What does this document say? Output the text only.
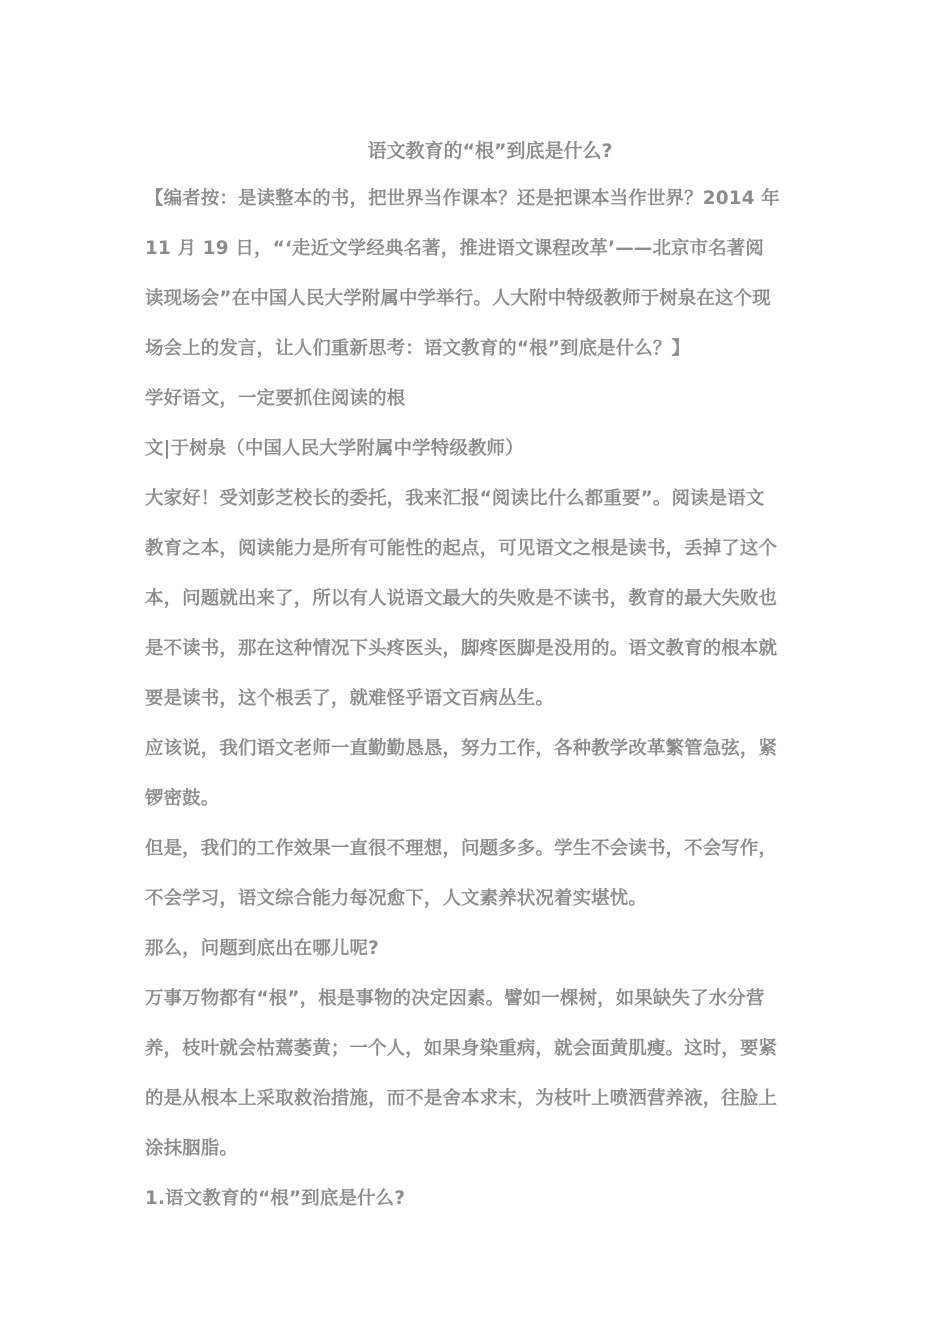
语文教育的“根”到底是什么?
【编者按：是读整本的书，把世界当作课本？还是把课本当作世界？2014 年
11 月 19 日，“‘走近文学经典名著，推进语文课程改革’——北京市名著阅
读现场会”在中国人民大学附属中学举行。人大附中特级教师于树泉在这个现
场会上的发言，让人们重新思考：语文教育的“根”到底是什么？】
学好语文，一定要抓住阅读的根
文|于树泉（中国人民大学附属中学特级教师）
大家好！受刘彭芝校长的委托，我来汇报“阅读比什么都重要”。阅读是语文
教育之本，阅读能力是所有可能性的起点，可见语文之根是读书，丢掉了这个
本，问题就出来了，所以有人说语文最大的失败是不读书，教育的最大失败也
是不读书，那在这种情况下头疼医头，脚疼医脚是没用的。语文教育的根本就
要是读书，这个根丢了，就难怪乎语文百病丛生。
应该说，我们语文老师一直勤勤恳恳，努力工作，各种教学改革繁管急弦，紧
锣密鼓。
但是，我们的工作效果一直很不理想，问题多多。学生不会读书，不会写作，
不会学习，语文综合能力每况愈下，人文素养状况着实堪忧。
那么，问题到底出在哪儿呢?
万事万物都有“根”，根是事物的决定因素。譬如一棵树，如果缺失了水分营
养，枝叶就会枯蔫萎黄；一个人，如果身染重病，就会面黄肌瘦。这时，要紧
的是从根本上采取救治措施，而不是舍本求末，为枝叶上喷洒营养液，往脸上
涂抹胭脂。
1.语文教育的“根”到底是什么?
